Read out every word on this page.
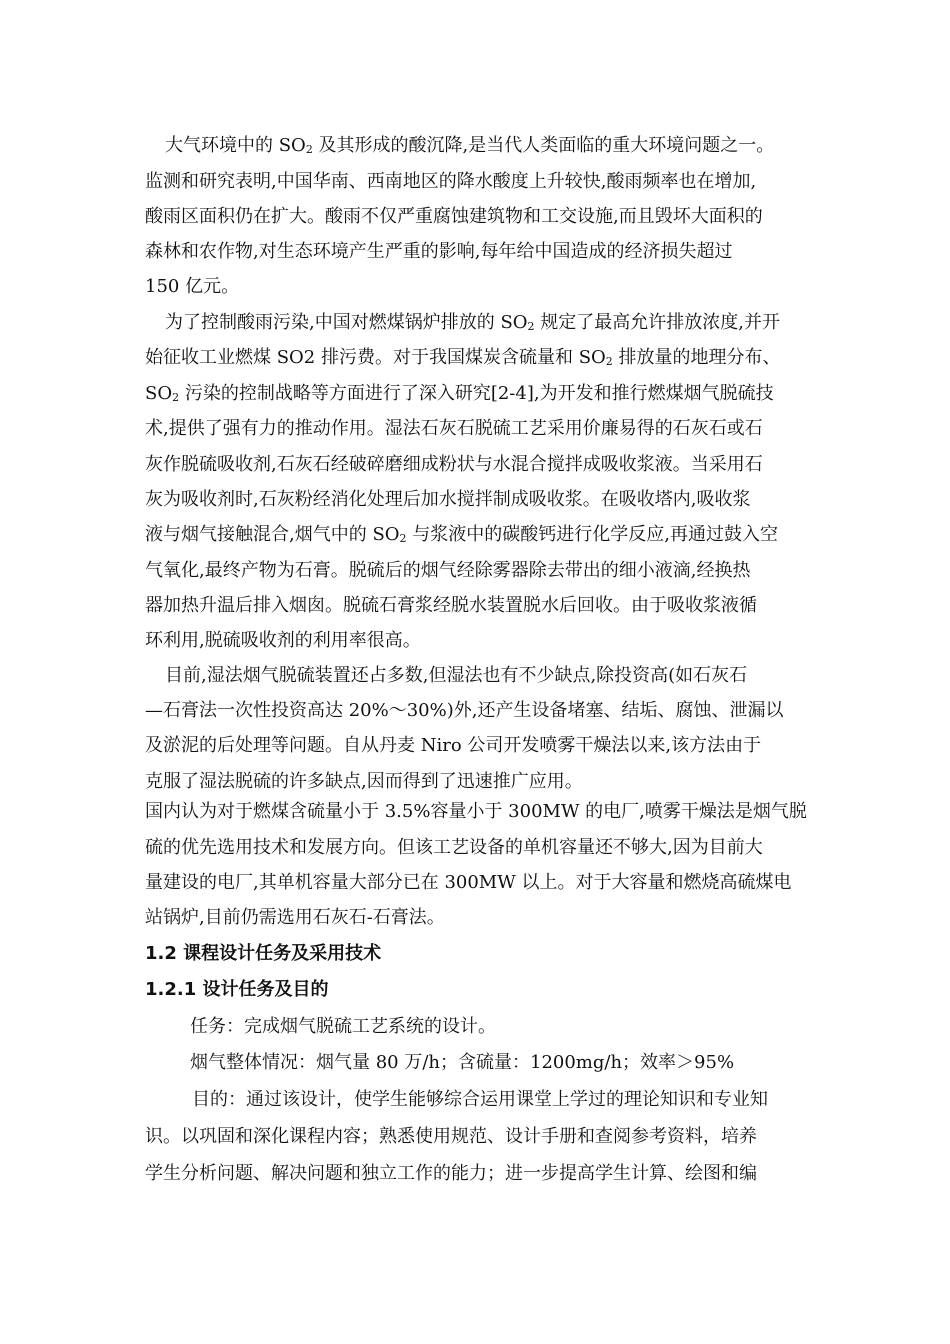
大气环境中的 $SO_2$ 及其形成的酸沉降,是当代人类面临的重大环境问题之一。
监测和研究表明,中国华南、西南地区的降水酸度上升较快,酸雨频率也在增加,
酸雨区面积仍在扩大。酸雨不仅严重腐蚀建筑物和工交设施,而且毁坏大面积的
森林和农作物,对生态环境产生严重的影响,每年给中国造成的经济损失超过
150 亿元。
为了控制酸雨污染,中国对燃煤锅炉排放的 $SO_2$ 规定了最高允许排放浓度,并开
始征收工业燃煤 SO2 排污费。对于我国煤炭含硫量和 $SO_2$ 排放量的地理分布、
$SO_2$ 污染的控制战略等方面进行了深入研究[2-4],为开发和推行燃煤烟气脱硫技
术,提供了强有力的推动作用。湿法石灰石脱硫工艺采用价廉易得的石灰石或石
灰作脱硫吸收剂,石灰石经破碎磨细成粉状与水混合搅拌成吸收浆液。当采用石
灰为吸收剂时,石灰粉经消化处理后加水搅拌制成吸收浆。在吸收塔内,吸收浆
液与烟气接触混合,烟气中的 $SO_2$ 与浆液中的碳酸钙进行化学反应,再通过鼓入空
气氧化,最终产物为石膏。脱硫后的烟气经除雾器除去带出的细小液滴,经换热
器加热升温后排入烟囱。脱硫石膏浆经脱水装置脱水后回收。由于吸收浆液循
环利用,脱硫吸收剂的利用率很高。
目前,湿法烟气脱硫装置还占多数,但湿法也有不少缺点,除投资高(如石灰石
—石膏法一次性投资高达 20%～30%)外,还产生设备堵塞、结垢、腐蚀、泄漏以
及淤泥的后处理等问题。自从丹麦 Niro 公司开发喷雾干燥法以来,该方法由于
克服了湿法脱硫的许多缺点,因而得到了迅速推广应用。
国内认为对于燃煤含硫量小于 3.5%容量小于 300MW 的电厂,喷雾干燥法是烟气脱
硫的优先选用技术和发展方向。但该工艺设备的单机容量还不够大,因为目前大
量建设的电厂,其单机容量大部分已在 300MW 以上。对于大容量和燃烧高硫煤电
站锅炉,目前仍需选用石灰石-石膏法。
1.2 课程设计任务及采用技术
1.2.1 设计任务及目的
任务：完成烟气脱硫工艺系统的设计。
烟气整体情况：烟气量 80 万/h；含硫量：1200mg/h；效率＞95%
目的：通过该设计，使学生能够综合运用课堂上学过的理论知识和专业知
识。以巩固和深化课程内容；熟悉使用规范、设计手册和查阅参考资料，培养
学生分析问题、解决问题和独立工作的能力；进一步提高学生计算、绘图和编
